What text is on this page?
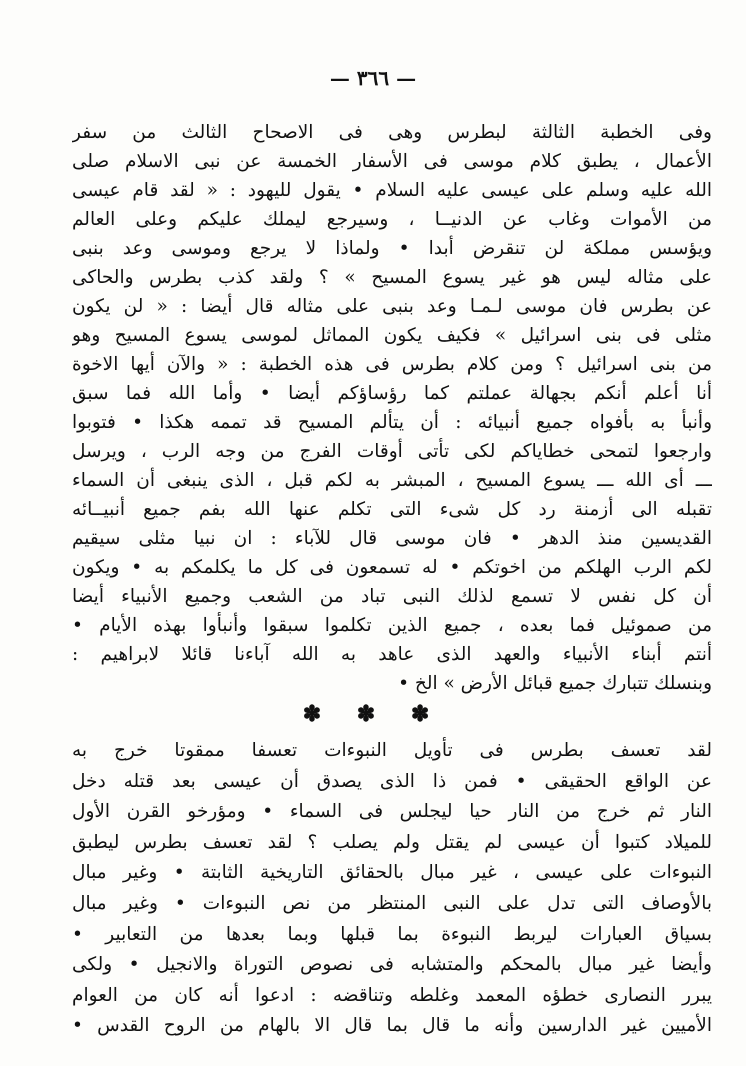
— ٣٦٦ —
وفى الخطبة الثالثة لبطرس وهى فى الاصحاح الثالث من سفر
الأعمال ، يطبق كلام موسى فى الأسفار الخمسة عن نبى الاسلام صلى
الله عليه وسلم على عيسى عليه السلام • يقول لليهود : « لقد قام عيسى
من الأموات وغاب عن الدنيــا ، وسيرجع ليملك عليكم وعلى العالم
ويؤسس مملكة لن تنقرض أبدا • ولماذا لا يرجع وموسى وعد بنبى
على مثاله ليس هو غير يسوع المسيح » ؟ ولقد كذب بطرس والحاكى
عن بطرس فان موسى لـمـا وعد بنبى على مثاله قال أيضا : « لن يكون
مثلى فى بنى اسرائيل » فكيف يكون المماثل لموسى يسوع المسيح وهو
من بنى اسرائيل ؟ ومن كلام بطرس فى هذه الخطبة : « والآن أيها الاخوة
أنا أعلم أنكم بجهالة عملتم كما رؤساؤكم أيضا • وأما الله فما سبق
وأنبأ به بأفواه جميع أنبيائه : أن يتألم المسيح قد تممه هكذا • فتوبوا
وارجعوا لتمحى خطاياكم لكى تأتى أوقات الفرج من وجه الرب ، ويرسل
ـــ أى الله ـــ يسوع المسيح ، المبشر به لكم قبل ، الذى ينبغى أن السماء
تقبله الى أزمنة رد كل شىء التى تكلم عنها الله بفم جميع أنبيــائه
القديسين منذ الدهر • فان موسى قال للآباء : ان نبيا مثلى سيقيم
لكم الرب الهلكم من اخوتكم • له تسمعون فى كل ما يكلمكم به • ويكون
أن كل نفس لا تسمع لذلك النبى تباد من الشعب وجميع الأنبياء أيضا
من صموئيل فما بعده ، جميع الذين تكلموا سبقوا وأنبأوا بهذه الأيام •
أنتم أبناء الأنبياء والعهد الذى عاهد به الله آباءنا قائلا لابراهيم :
وبنسلك تتبارك جميع قبائل الأرض » الخ •
✽ ✽ ✽
لقد تعسف بطرس فى تأويل النبوءات تعسفا ممقوتا خرج به
عن الواقع الحقيقى • فمن ذا الذى يصدق أن عيسى بعد قتله دخل
النار ثم خرج من النار حيا ليجلس فى السماء • ومؤرخو القرن الأول
للميلاد كتبوا أن عيسى لم يقتل ولم يصلب ؟ لقد تعسف بطرس ليطبق
النبوءات على عيسى ، غير مبال بالحقائق التاريخية الثابتة • وغير مبال
بالأوصاف التى تدل على النبى المنتظر من نص النبوءات • وغير مبال
بسياق العبارات ليربط النبوءة بما قبلها وبما بعدها من التعابير •
وأيضا غير مبال بالمحكم والمتشابه فى نصوص التوراة والانجيل • ولكى
يبرر النصارى خطؤه المعمد وغلطه وتناقضه : ادعوا أنه كان من العوام
الأميين غير الدارسين وأنه ما قال بما قال الا بالهام من الروح القدس •
